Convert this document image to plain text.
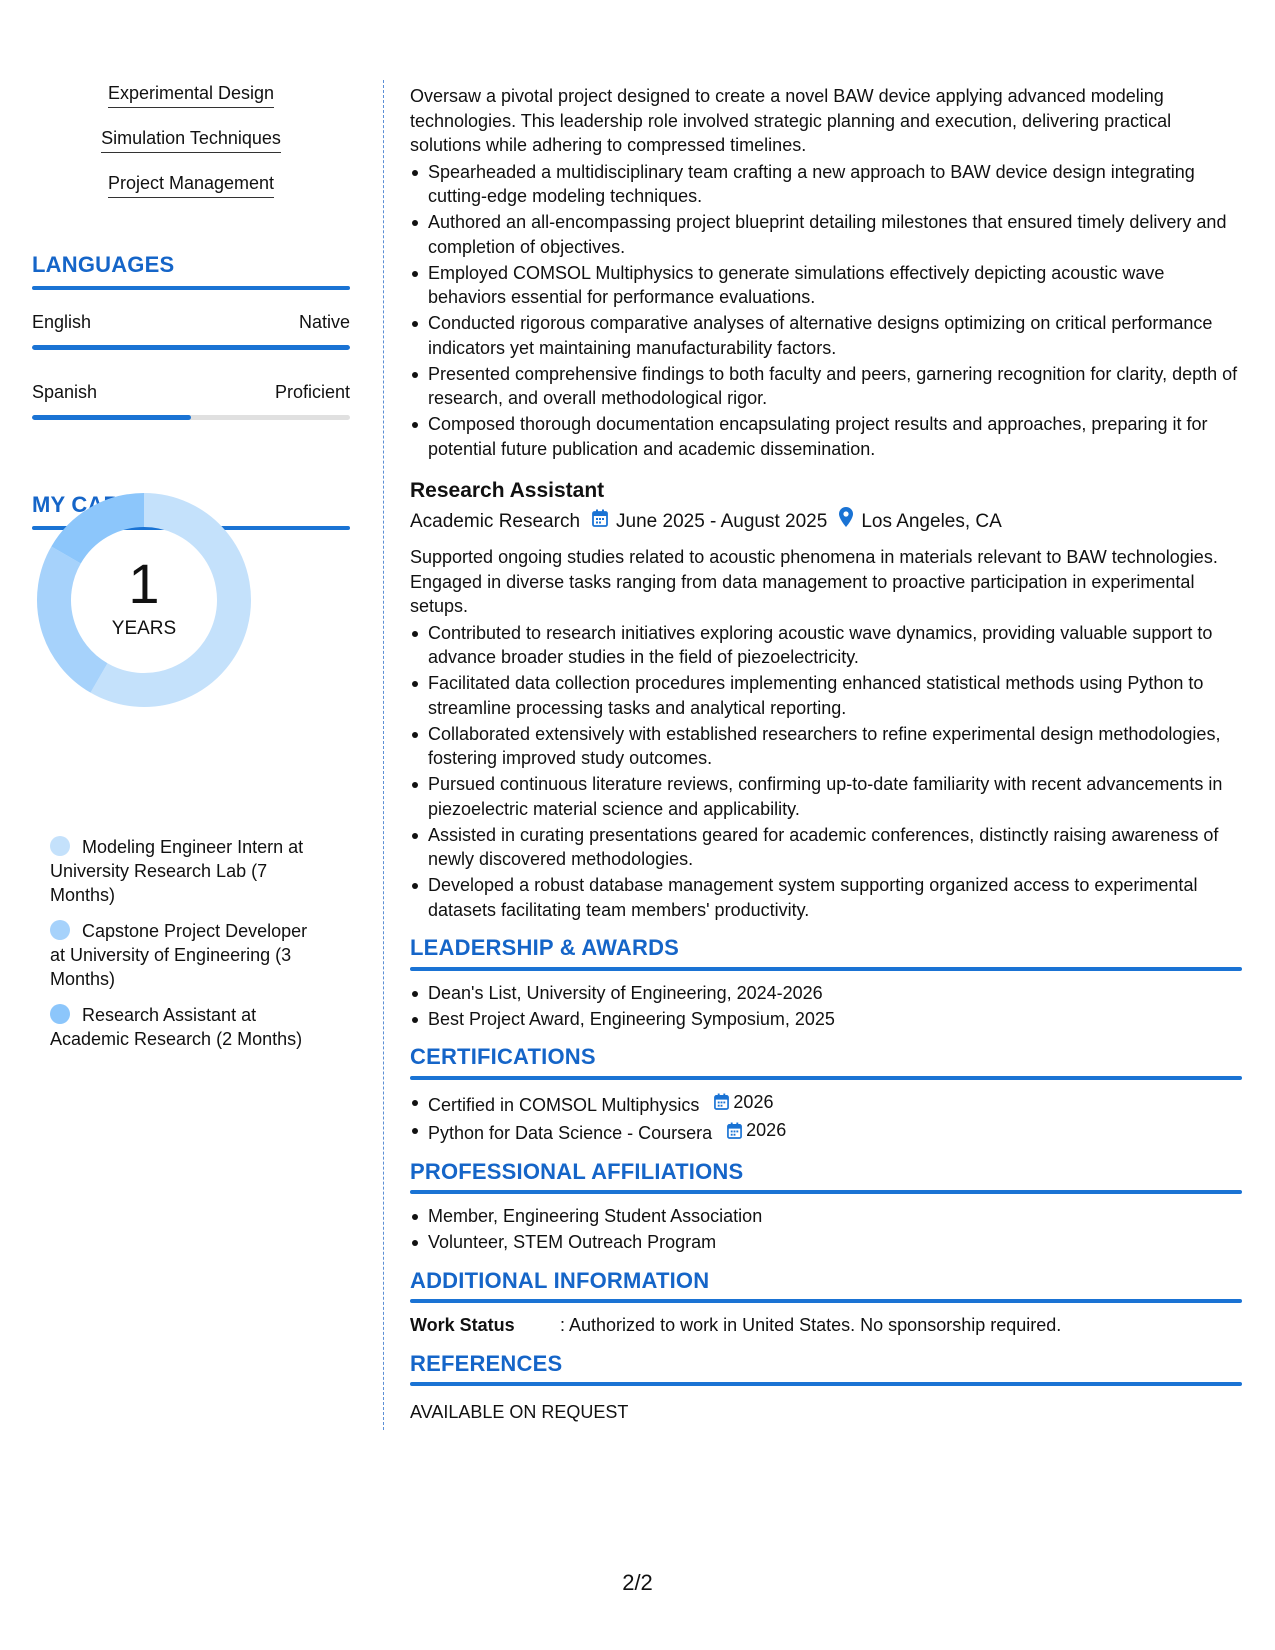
Experimental Design
Simulation Techniques
Project Management
LANGUAGES
English	Native
Spanish	Proficient
MY CAREER
1
YEARS
Modeling Engineer Intern at University Research Lab (7 Months)
Capstone Project Developer at University of Engineering (3 Months)
Research Assistant at Academic Research (2 Months)

Oversaw a pivotal project designed to create a novel BAW device applying advanced modeling technologies. This leadership role involved strategic planning and execution, delivering practical solutions while adhering to compressed timelines.

Spearheaded a multidisciplinary team crafting a new approach to BAW device design integrating cutting-edge modeling techniques.
Authored an all-encompassing project blueprint detailing milestones that ensured timely delivery and completion of objectives.
Employed COMSOL Multiphysics to generate simulations effectively depicting acoustic wave behaviors essential for performance evaluations.
Conducted rigorous comparative analyses of alternative designs optimizing on critical performance indicators yet maintaining manufacturability factors.
Presented comprehensive findings to both faculty and peers, garnering recognition for clarity, depth of research, and overall methodological rigor.
Composed thorough documentation encapsulating project results and approaches, preparing it for potential future publication and academic dissemination.
Research Assistant
Academic Research June 2025 - August 2025 Los Angeles, CA

Supported ongoing studies related to acoustic phenomena in materials relevant to BAW technologies. Engaged in diverse tasks ranging from data management to proactive participation in experimental setups.

Contributed to research initiatives exploring acoustic wave dynamics, providing valuable support to advance broader studies in the field of piezoelectricity.
Facilitated data collection procedures implementing enhanced statistical methods using Python to streamline processing tasks and analytical reporting.
Collaborated extensively with established researchers to refine experimental design methodologies, fostering improved study outcomes.
Pursued continuous literature reviews, confirming up-to-date familiarity with recent advancements in piezoelectric material science and applicability.
Assisted in curating presentations geared for academic conferences, distinctly raising awareness of newly discovered methodologies.
Developed a robust database management system supporting organized access to experimental datasets facilitating team members' productivity.
LEADERSHIP & AWARDS
Dean's List, University of Engineering, 2024-2026
Best Project Award, Engineering Symposium, 2025
CERTIFICATIONS
Certified in COMSOL Multiphysics 2026
Python for Data Science - Coursera 2026
PROFESSIONAL AFFILIATIONS
Member, Engineering Student Association
Volunteer, STEM Outreach Program
ADDITIONAL INFORMATION
Work Status	: Authorized to work in United States. No sponsorship required.
REFERENCES
AVAILABLE ON REQUEST
2/2
